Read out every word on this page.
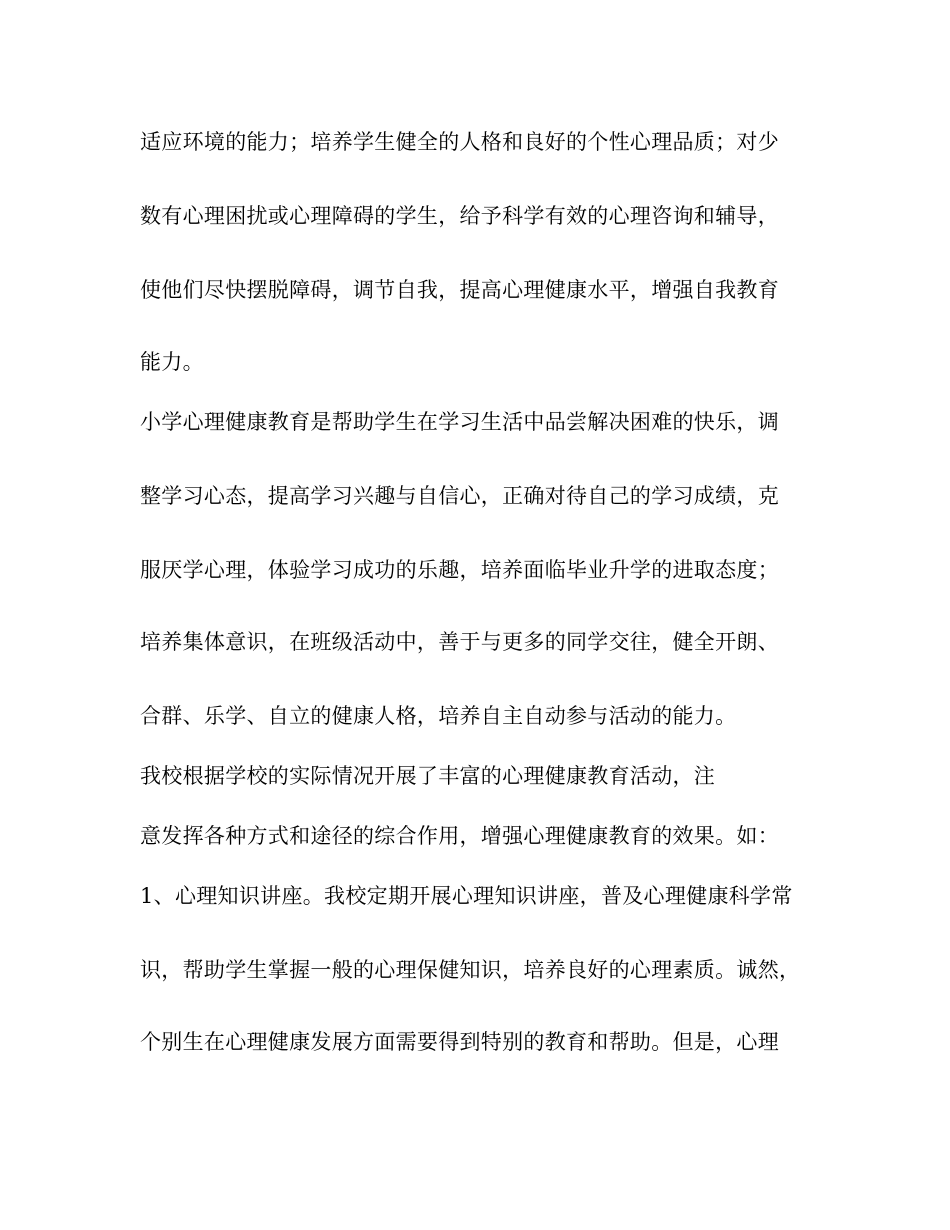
适应环境的能力；培养学生健全的人格和良好的个性心理品质；对少

数有心理困扰或心理障碍的学生，给予科学有效的心理咨询和辅导，

使他们尽快摆脱障碍，调节自我，提高心理健康水平，增强自我教育

能力。

小学心理健康教育是帮助学生在学习生活中品尝解决困难的快乐，调

整学习心态，提高学习兴趣与自信心，正确对待自己的学习成绩，克

服厌学心理，体验学习成功的乐趣，培养面临毕业升学的进取态度；

培养集体意识，在班级活动中，善于与更多的同学交往，健全开朗、

合群、乐学、自立的健康人格，培养自主自动参与活动的能力。

我校根据学校的实际情况开展了丰富的心理健康教育活动，注

意发挥各种方式和途径的综合作用，增强心理健康教育的效果。如：

1、心理知识讲座。我校定期开展心理知识讲座，普及心理健康科学常

识，帮助学生掌握一般的心理保健知识，培养良好的心理素质。诚然，

个别生在心理健康发展方面需要得到特别的教育和帮助。但是，心理
